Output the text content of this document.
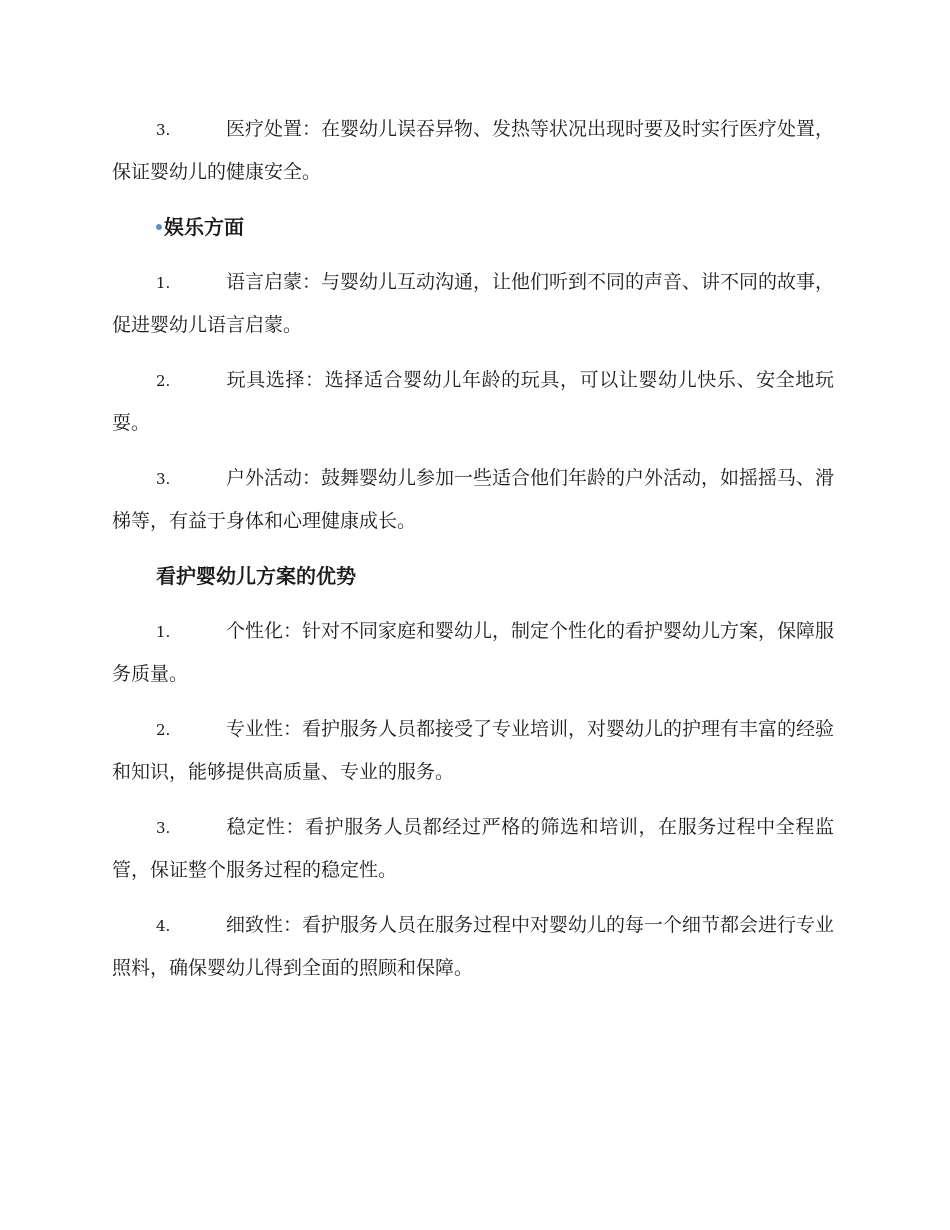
3.	医疗处置：在婴幼儿误吞异物、发热等状况出现时要及时实行医疗处置，保证婴幼儿的健康安全。

娱乐方面

1.	语言启蒙：与婴幼儿互动沟通，让他们听到不同的声音、讲不同的故事，促进婴幼儿语言启蒙。

2.	玩具选择：选择适合婴幼儿年龄的玩具，可以让婴幼儿快乐、安全地玩耍。

3.	户外活动：鼓舞婴幼儿参加一些适合他们年龄的户外活动，如摇摇马、滑梯等，有益于身体和心理健康成长。

看护婴幼儿方案的优势

1.	个性化：针对不同家庭和婴幼儿，制定个性化的看护婴幼儿方案，保障服务质量。

2.	专业性：看护服务人员都接受了专业培训，对婴幼儿的护理有丰富的经验和知识，能够提供高质量、专业的服务。

3.	稳定性：看护服务人员都经过严格的筛选和培训，在服务过程中全程监管，保证整个服务过程的稳定性。

4.	细致性：看护服务人员在服务过程中对婴幼儿的每一个细节都会进行专业照料，确保婴幼儿得到全面的照顾和保障。
